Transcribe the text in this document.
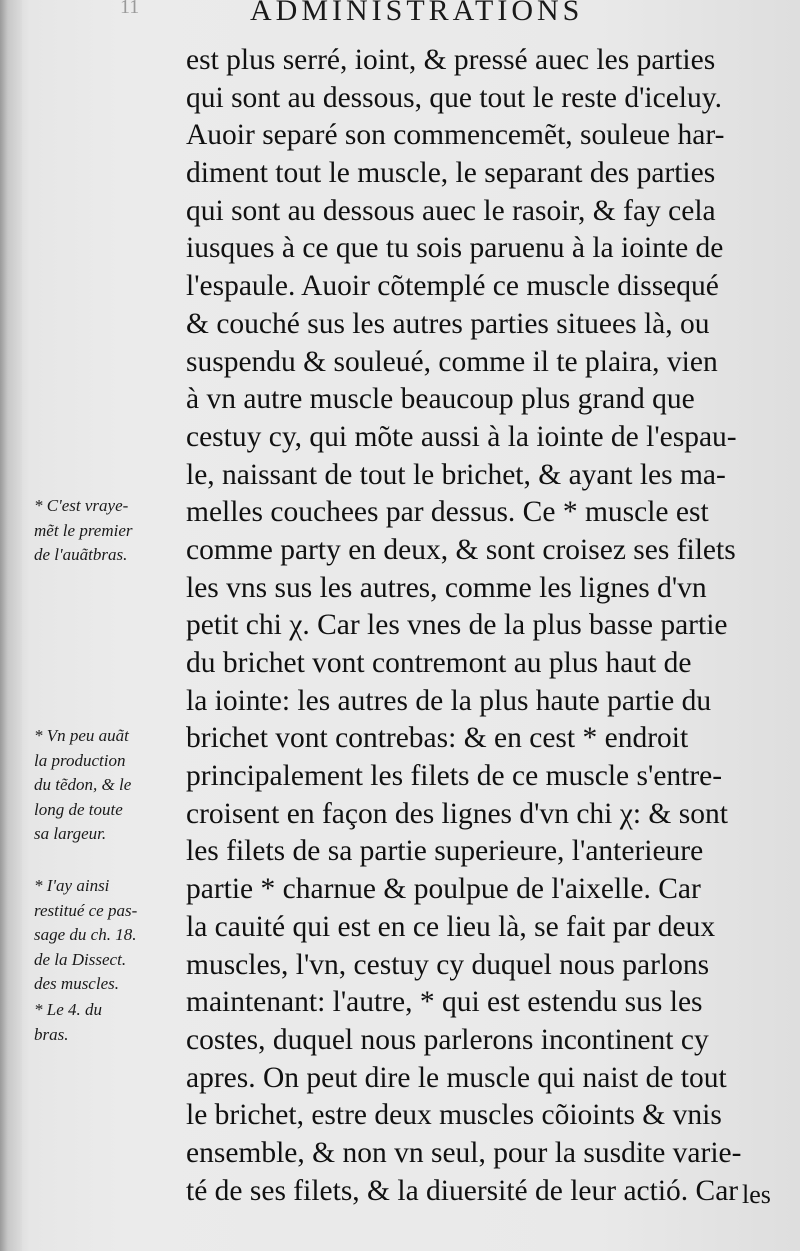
11	ADMINISTRATIONS
est plus serré, ioint, & pressé auec les parties
qui sont au dessous, que tout le reste d'iceluy.
Auoir separé son commencemẽt, souleue har-
diment tout le muscle, le separant des parties
qui sont au dessous auec le rasoir, & fay cela
iusques à ce que tu sois paruenu à la iointe de
l'espaule. Auoir cõtemplé ce muscle dissequé
& couché sus les autres parties situees là, ou
suspendu & souleué, comme il te plaira, vien
à vn autre muscle beaucoup plus grand que
cestuy cy, qui mõte aussi à la iointe de l'espau-
le, naissant de tout le brichet, & ayant les ma-
melles couchees par dessus. Ce * muscle est
comme party en deux, & sont croisez ses filets
les vns sus les autres, comme les lignes d'vn
petit chi χ. Car les vnes de la plus basse partie
du brichet vont contremont au plus haut de
la iointe: les autres de la plus haute partie du
brichet vont contrebas: & en cest * endroit
principalement les filets de ce muscle s'entre-
croisent en façon des lignes d'vn chi χ: & sont
les filets de sa partie superieure, l'anterieure
partie * charnue & poulpue de l'aixelle. Car
la cauité qui est en ce lieu là, se fait par deux
muscles, l'vn, cestuy cy duquel nous parlons
maintenant: l'autre, * qui est estendu sus les
costes, duquel nous parlerons incontinent cy
apres. On peut dire le muscle qui naist de tout
le brichet, estre deux muscles cõioints & vnis
ensemble, & non vn seul, pour la susdite varie-
té de ses filets, & la diuersité de leur actió. Car les
* C'est vraye-
mẽt le premier
de l'auãtbras.
* Vn peu auãt
la production
du tẽdon, & le
long de toute
sa largeur.
* I'ay ainsi
restitué ce pas-
sage du ch. 18.
de la Dissect.
des muscles.
* Le 4. du
bras.
